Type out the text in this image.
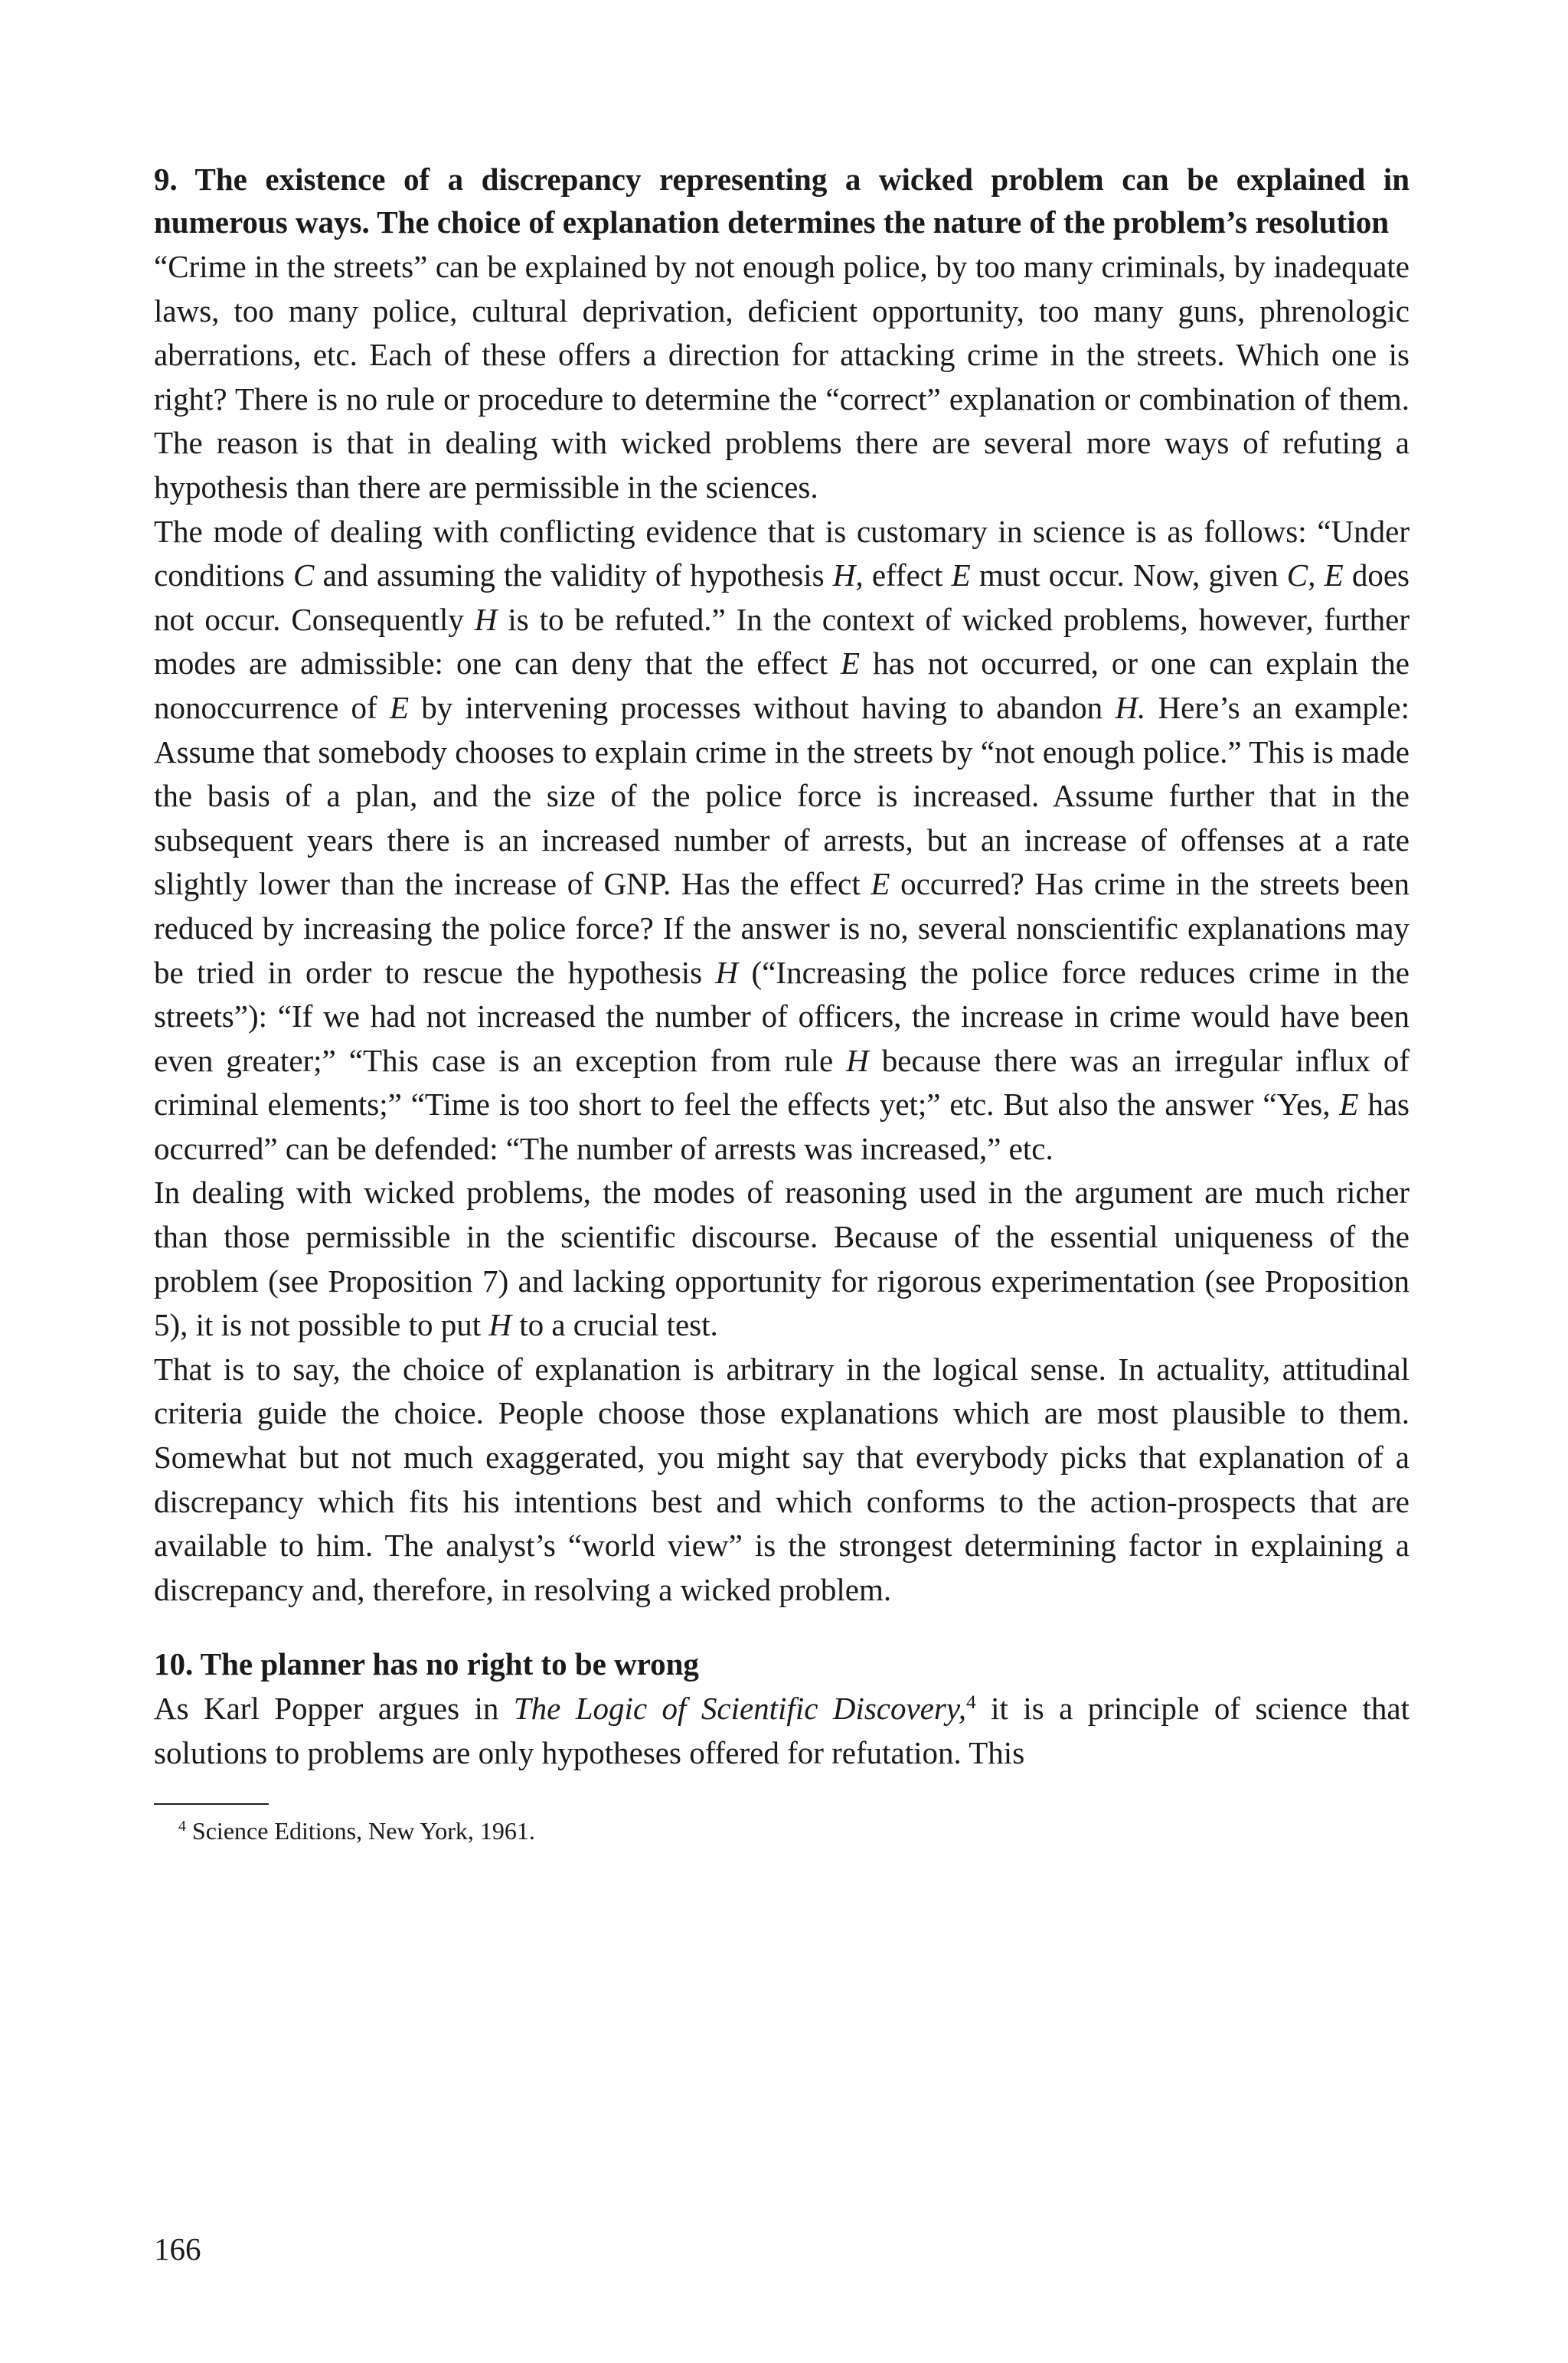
9. The existence of a discrepancy representing a wicked problem can be explained in numerous ways. The choice of explanation determines the nature of the problem’s resolution

“Crime in the streets” can be explained by not enough police, by too many criminals, by inadequate laws, too many police, cultural deprivation, deficient opportunity, too many guns, phrenologic aberrations, etc. Each of these offers a direction for attacking crime in the streets. Which one is right? There is no rule or procedure to determine the “correct” explanation or combination of them. The reason is that in dealing with wicked problems there are several more ways of refuting a hypothesis than there are permissible in the sciences.

The mode of dealing with conflicting evidence that is customary in science is as follows: “Under conditions C and assuming the validity of hypothesis H, effect E must occur. Now, given C, E does not occur. Consequently H is to be refuted.” In the context of wicked problems, however, further modes are admissible: one can deny that the effect E has not occurred, or one can explain the nonoccurrence of E by intervening processes without having to abandon H. Here’s an example: Assume that somebody chooses to explain crime in the streets by “not enough police.” This is made the basis of a plan, and the size of the police force is increased. Assume further that in the subsequent years there is an increased number of arrests, but an increase of offenses at a rate slightly lower than the increase of GNP. Has the effect E occurred? Has crime in the streets been reduced by increasing the police force? If the answer is no, several nonscientific explanations may be tried in order to rescue the hypothesis H (“Increasing the police force reduces crime in the streets”): “If we had not increased the number of officers, the increase in crime would have been even greater;” “This case is an exception from rule H because there was an irregular influx of criminal elements;” “Time is too short to feel the effects yet;” etc. But also the answer “Yes, E has occurred” can be defended: “The number of arrests was increased,” etc.

In dealing with wicked problems, the modes of reasoning used in the argument are much richer than those permissible in the scientific discourse. Because of the essential uniqueness of the problem (see Proposition 7) and lacking opportunity for rigorous experimentation (see Proposition 5), it is not possible to put H to a crucial test.

That is to say, the choice of explanation is arbitrary in the logical sense. In actuality, attitudinal criteria guide the choice. People choose those explanations which are most plausible to them. Somewhat but not much exaggerated, you might say that everybody picks that explanation of a discrepancy which fits his intentions best and which conforms to the action-prospects that are available to him. The analyst’s “world view” is the strongest determining factor in explaining a discrepancy and, therefore, in resolving a wicked problem.

10. The planner has no right to be wrong

As Karl Popper argues in The Logic of Scientific Discovery,$^4$ it is a principle of science that solutions to problems are only hypotheses offered for refutation. This

$^4$ Science Editions, New York, 1961.

166
